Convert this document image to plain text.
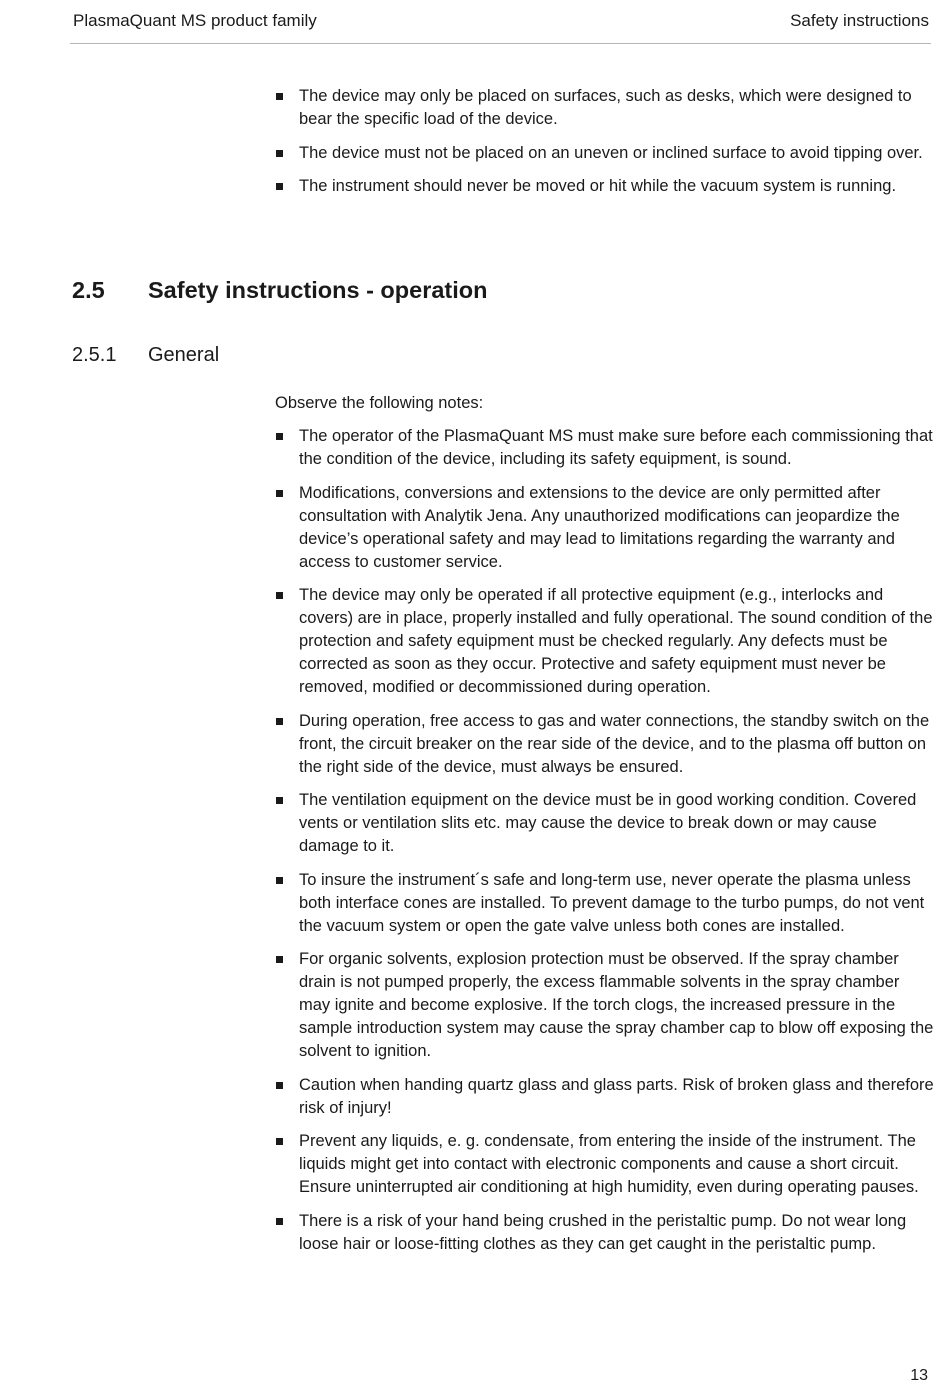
PlasmaQuant MS product family	Safety instructions
The device may only be placed on surfaces, such as desks, which were designed to bear the specific load of the device.
The device must not be placed on an uneven or inclined surface to avoid tipping over.
The instrument should never be moved or hit while the vacuum system is running.
2.5 Safety instructions - operation
2.5.1 General
Observe the following notes:
The operator of the PlasmaQuant MS must make sure before each commissioning that the condition of the device, including its safety equipment, is sound.
Modifications, conversions and extensions to the device are only permitted after consultation with Analytik Jena. Any unauthorized modifications can jeopardize the device’s operational safety and may lead to limitations regarding the warranty and access to customer service.
The device may only be operated if all protective equipment (e.g., interlocks and covers) are in place, properly installed and fully operational. The sound condition of the protection and safety equipment must be checked regularly. Any defects must be corrected as soon as they occur. Protective and safety equipment must never be removed, modified or decommissioned during operation.
During operation, free access to gas and water connections, the standby switch on the front, the circuit breaker on the rear side of the device, and to the plasma off button on the right side of the device, must always be ensured.
The ventilation equipment on the device must be in good working condition. Covered vents or ventilation slits etc. may cause the device to break down or may cause damage to it.
To insure the instrument´s safe and long-term use, never operate the plasma unless both interface cones are installed. To prevent damage to the turbo pumps, do not vent the vacuum system or open the gate valve unless both cones are installed.
For organic solvents, explosion protection must be observed. If the spray chamber drain is not pumped properly, the excess flammable solvents in the spray chamber may ignite and become explosive. If the torch clogs, the increased pressure in the sample introduction system may cause the spray chamber cap to blow off exposing the solvent to ignition.
Caution when handing quartz glass and glass parts. Risk of broken glass and therefore risk of injury!
Prevent any liquids, e. g. condensate, from entering the inside of the instrument. The liquids might get into contact with electronic components and cause a short circuit. Ensure uninterrupted air conditioning at high humidity, even during operating pauses.
There is a risk of your hand being crushed in the peristaltic pump. Do not wear long loose hair or loose-fitting clothes as they can get caught in the peristaltic pump.
13
